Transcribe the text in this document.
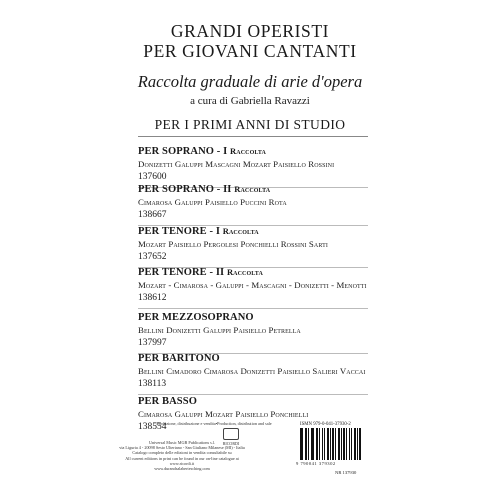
GRANDI OPERISTI
PER GIOVANI CANTANTI
Raccolta graduale di arie d'opera
a cura di Gabriella Ravazzi
PER I PRIMI ANNI DI STUDIO
PER SOPRANO - I Raccolta
Donizetti Galuppi Mascagni Mozart Paisiello Rossini
137600
PER SOPRANO - II Raccolta
Cimarosa Galuppi Paisiello Puccini Rota
138667
PER TENORE - I Raccolta
Mozart Paisiello Pergolesi Ponchielli Rossini Sarti
137652
PER TENORE - II Raccolta
Mozart - Cimarosa - Galuppi - Mascagni - Donizetti - Menotti
138612
PER MEZZOSOPRANO
Bellini Donizetti Galuppi Paisiello Petrella
137997
PER BARITONO
Bellini Cimadoro Cimarosa Donizetti Paisiello Salieri Vaccai
138113
PER BASSO
Cimarosa Galuppi Mozart Paisiello Ponchielli
138554
Produzione, distribuzione e vendita•Production, distribution and sale
RICORDI
Universal Music MGB Publications s.l.
via Liguria 4 - 20098 Sesto Ulteriano - San Giuliano Milanese (MI) - Italia
Catalogo completo delle edizioni in vendita consultabile su
All current editions in print can be found in our on-line catalogue at
www.ricordi.it
www.durandsalabertesching.com
ISMN 979-0-041-37930-2
9 790041 379302
NR 137930
